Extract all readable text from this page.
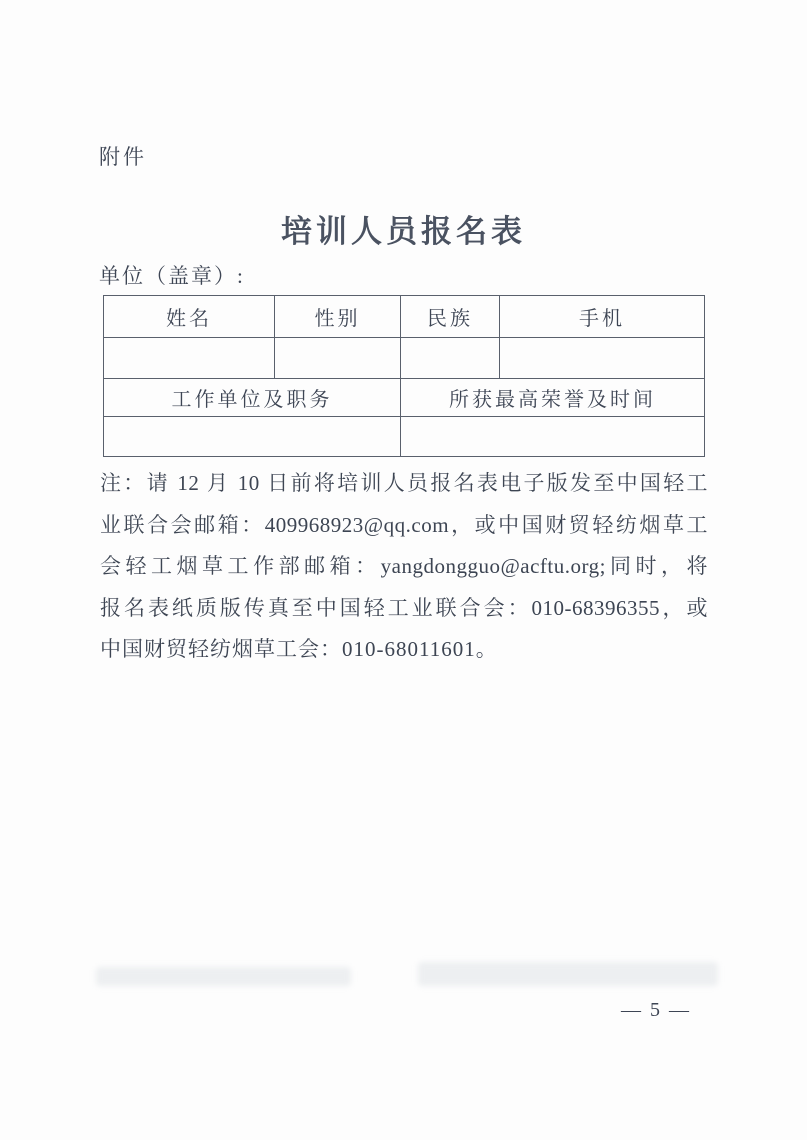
附件
培训人员报名表
单位（盖章）:
姓名	性别	民族	手机

工作单位及职务		所获最高荣誉及时间	

注：请 12 月 10 日前将培训人员报名表电子版发至中国轻工
业联合会邮箱：409968923@qq.com，或中国财贸轻纺烟草工
会轻工烟草工作部邮箱：yangdongguo@acftu.org;同时，将
报名表纸质版传真至中国轻工业联合会：010-68396355，或
中国财贸轻纺烟草工会：010-68011601。
— 5 —
